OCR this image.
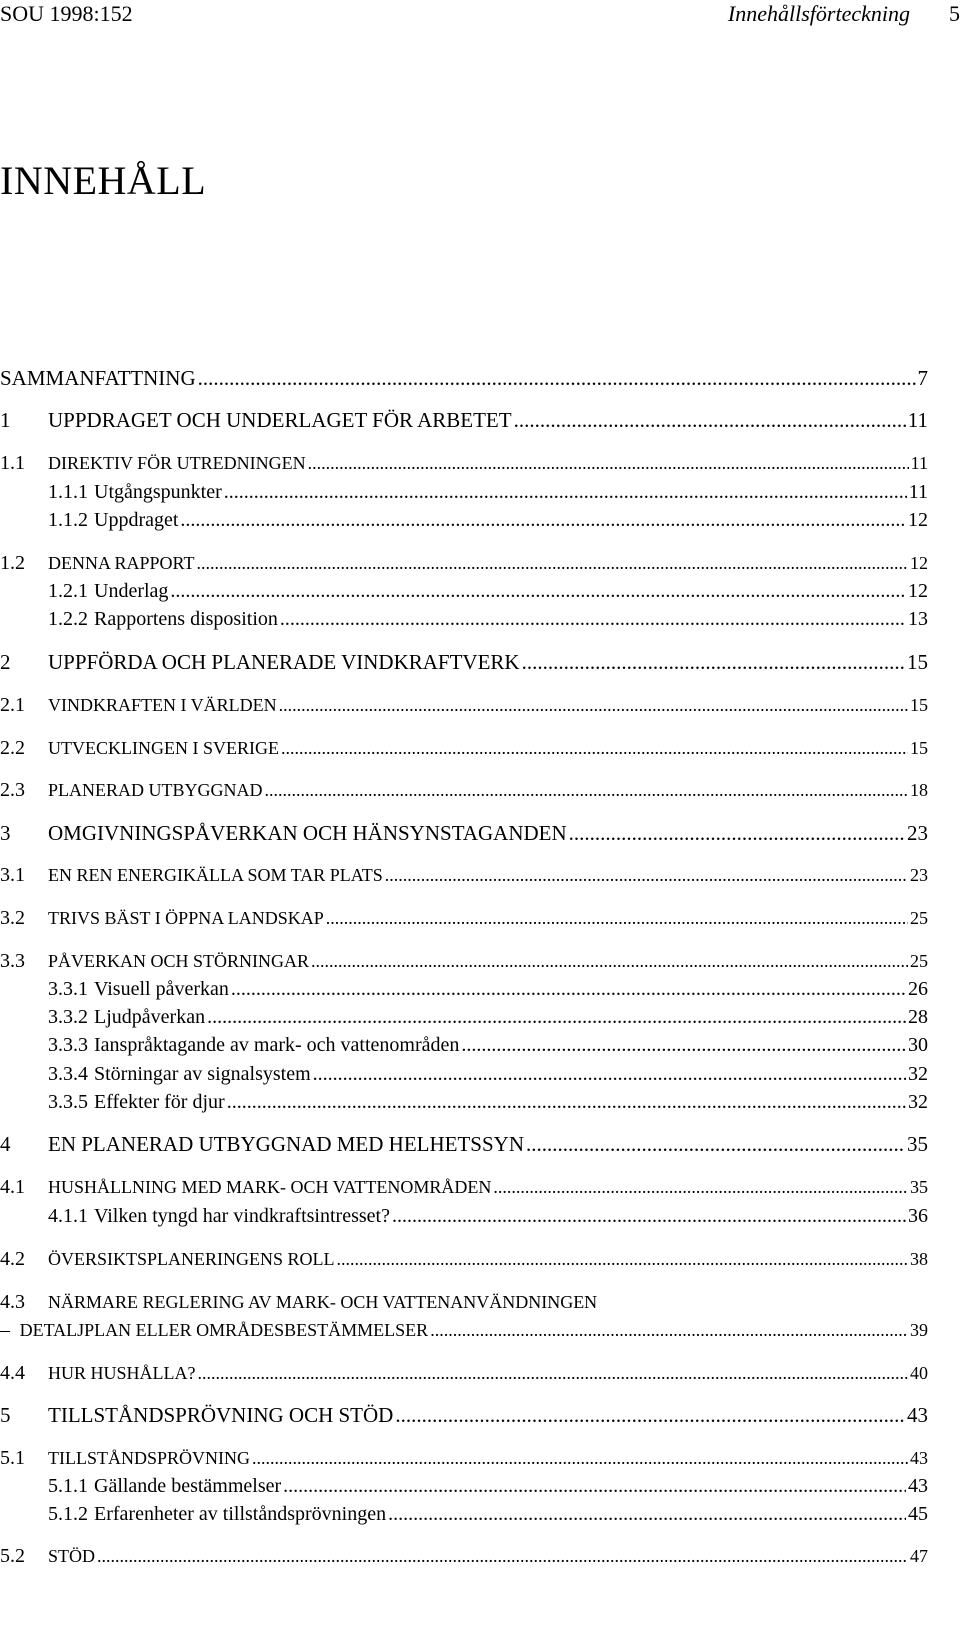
SOU 1998:152	Innehållsförteckning 5
INNEHÅLL
SAMMANFATTNING .....	7
1	UPPDRAGET OCH UNDERLAGET FÖR ARBETET .....	11
1.1	DIREKTIV FÖR UTREDNINGEN .....	11
1.1.1 Utgångspunkter .....	11
1.1.2 Uppdraget .....	12
1.2	DENNA RAPPORT .....	12
1.2.1 Underlag .....	12
1.2.2 Rapportens disposition .....	13
2	UPPFÖRDA OCH PLANERADE VINDKRAFTVERK .....	15
2.1	VINDKRAFTEN I VÄRLDEN .....	15
2.2	UTVECKLINGEN I SVERIGE .....	15
2.3	PLANERAD UTBYGGNAD .....	18
3	OMGIVNINGSPÅVERKAN OCH HÄNSYNSTAGANDEN .....	23
3.1	EN REN ENERGIKÄLLA SOM TAR PLATS .....	23
3.2	TRIVS BÄST I ÖPPNA LANDSKAP .....	25
3.3	PÅVERKAN OCH STÖRNINGAR .....	25
3.3.1 Visuell påverkan .....	26
3.3.2 Ljudpåverkan .....	28
3.3.3 Ianspråktagande av mark- och vattenområden .....	30
3.3.4 Störningar av signalsystem .....	32
3.3.5 Effekter för djur .....	32
4	EN PLANERAD UTBYGGNAD MED HELHETSSYN .....	35
4.1	HUSHÅLLNING MED MARK- OCH VATTENOMRÅDEN .....	35
4.1.1 Vilken tyngd har vindkraftsintresset? .....	36
4.2	ÖVERSIKTSPLANERINGENS ROLL .....	38
4.3	NÄRMARE REGLERING AV MARK- OCH VATTENANVÄNDNINGEN
– DETALJPLAN ELLER OMRÅDESBESTÄMMELSER .....	39
4.4	HUR HUSHÅLLA? .....	40
5	TILLSTÅNDSPRÖVNING OCH STÖD .....	43
5.1	TILLSTÅNDSPRÖVNING .....	43
5.1.1 Gällande bestämmelser .....	43
5.1.2 Erfarenheter av tillståndsprövningen .....	45
5.2	STÖD .....	47
